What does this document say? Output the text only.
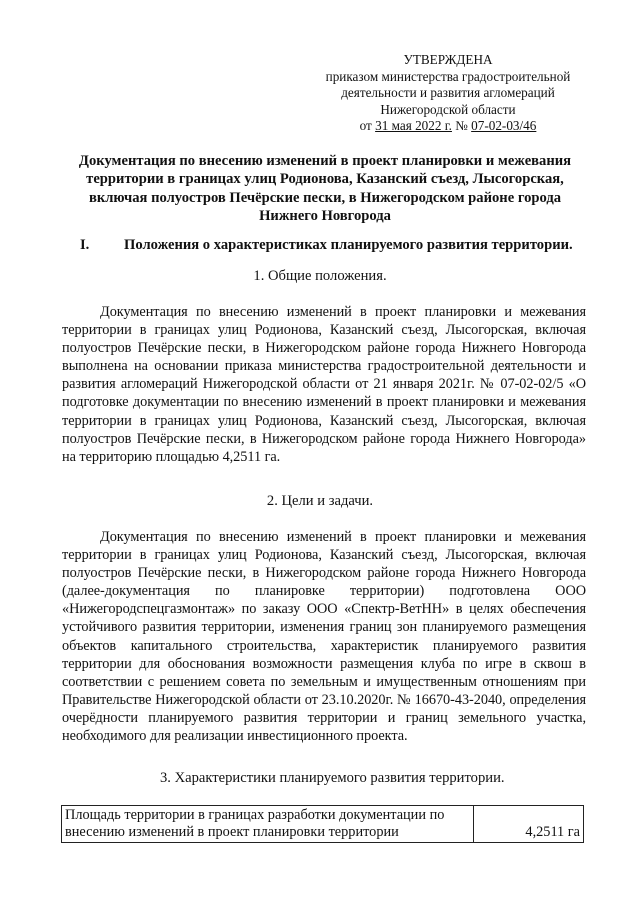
УТВЕРЖДЕНА
приказом министерства градостроительной
деятельности и развития агломераций
Нижегородской области
от 31 мая 2022 г. № 07-02-03/46
Документация по внесению изменений в проект планировки и межевания территории в границах улиц Родионова, Казанский съезд, Лысогорская, включая полуостров Печёрские пески, в Нижегородском районе города Нижнего Новгорода
I.	Положения о характеристиках планируемого развития территории.
1. Общие положения.
Документация по внесению изменений в проект планировки и межевания территории в границах улиц Родионова, Казанский съезд, Лысогорская, включая полуостров Печёрские пески, в Нижегородском районе города Нижнего Новгорода выполнена на основании приказа министерства градостроительной деятельности и развития агломераций Нижегородской области от 21 января 2021г. № 07-02-02/5 «О подготовке документации по внесению изменений в проект планировки и межевания территории в границах улиц Родионова, Казанский съезд, Лысогорская, включая полуостров Печёрские пески, в Нижегородском районе города Нижнего Новгорода» на территорию площадью 4,2511 га.
2. Цели и задачи.
Документация по внесению изменений в проект планировки и межевания территории в границах улиц Родионова, Казанский съезд, Лысогорская, включая полуостров Печёрские пески, в Нижегородском районе города Нижнего Новгорода (далее-документация по планировке территории) подготовлена ООО «Нижегородспецгазмонтаж» по заказу ООО «Спектр-ВетНН» в целях обеспечения устойчивого развития территории, изменения границ зон планируемого размещения объектов капитального строительства, характеристик планируемого развития территории для обоснования возможности размещения клуба по игре в сквош в соответствии с решением совета по земельным и имущественным отношениям при Правительстве Нижегородской области от 23.10.2020г. № 16670-43-2040, определения очерёдности планируемого развития территории и границ земельного участка, необходимого для реализации инвестиционного проекта.
3. Характеристики планируемого развития территории.
Площадь территории в границах разработки документации по внесению изменений в проект планировки территории	4,2511 га
